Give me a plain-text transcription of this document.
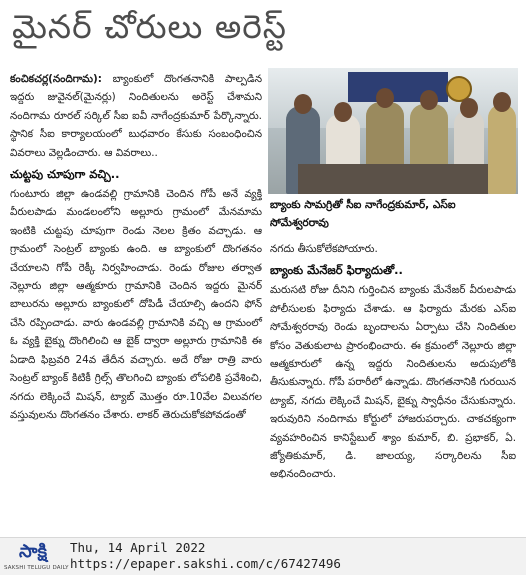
మైనర్ చోరులు అరెస్ట్

కంచికచర్ల(నందిగామ): బ్యాంకులో దొంగతనానికి పాల్పడిన ఇద్దరు జువైనల్(మైనర్లు) నిందితులను అరెస్ట్ చేశామని నందిగామ రూరల్ సర్కిల్ సీఐ ఐవీ నాగేంద్రకుమార్ పేర్కొన్నారు. స్థానిక సీఐ కార్యాలయంలో బుధవారం కేసుకు సంబంధించిన వివరాలు వెల్లడించారు. ఆ వివరాలు..

చుట్టపు చూపుగా వచ్చి..

గుంటూరు జిల్లా ఉండవల్లి గ్రామానికి చెందిన గోపీ అనే వ్యక్తి వీరులపాడు మండలంలోని అల్లూరు గ్రామంలో మేనమామ ఇంటికి చుట్టపు చూపుగా రెండు నెలల క్రితం వచ్చాడు. ఆ గ్రామంలో సెంట్రల్ బ్యాంకు ఉంది. ఆ బ్యాంకులో దొంగతనం చేయాలని గోపీ రెక్కీ నిర్వహించాడు. రెండు రోజుల తర్వాత నెల్లూరు జిల్లా ఆత్మకూరు గ్రామానికి చెందిన ఇద్దరు మైనర్ బాలురను అల్లూరు బ్యాంకులో దోపిడీ చేయాల్సి ఉందని ఫోన్ చేసి రప్పించాడు. వారు ఉండవల్లి గ్రామానికి వచ్చి ఆ గ్రామంలో ఓ వ్యక్తి బైక్ను దొంగిలించి ఆ బైక్ ద్వారా అల్లూరు గ్రామానికి ఈ ఏడాది ఫిబ్రవరి 24వ తేదీన వచ్చారు. అదే రోజు రాత్రి వారు సెంట్రల్ బ్యాంక్ కిటికీ గ్రిల్స్ తొలగించి బ్యాంకు లోపలికి ప్రవేశించి, నగదు లెక్కించే మిషన్, ట్యాబ్ మొత్తం రూ.10వేల విలువగల వస్తువులను దొంగతనం చేశారు. లాకర్ తెరుచుకోకపోవడంతో

బ్యాంకు సామగ్రితో సీఐ నాగేంద్రకుమార్, ఎస్ఐ సోమేశ్వరరావు

నగదు తీసుకోలేకపోయారు.

బ్యాంకు మేనేజర్ ఫిర్యాదుతో..

మరుసటి రోజు దీనిని గుర్తించిన బ్యాంకు మేనేజర్ వీరులపాడు పోలీసులకు ఫిర్యాదు చేశాడు. ఆ ఫిర్యాదు మేరకు ఎస్ఐ సోమేశ్వరరావు రెండు బృందాలను ఏర్పాటు చేసి నిందితుల కోసం వెతుకులాట ప్రారంభించారు. ఈ క్రమంలో నెల్లూరు జిల్లా ఆత్మకూరులో ఉన్న ఇద్దరు నిందితులను అదుపులోకి తీసుకున్నారు. గోపీ పరారీలో ఉన్నాడు. దొంగతనానికి గురయిన ట్యాబ్, నగదు లెక్కించే మిషన్, బైక్ను స్వాధీనం చేసుకున్నారు. ఇరువురిని నందిగామ కోర్టులో హాజరుపర్చారు. చాకచక్యంగా వ్యవహరించిన కానిస్టేబుల్ శ్యాం కుమార్, బి. ప్రభాకర్, ఏ. జ్యోతికుమార్, డి. జాలయ్య, సర్కారిలను సీఐ అభినందించారు.

సాక్షి
SAKSHI TELUGU DAILY
Thu, 14 April 2022
https://epaper.sakshi.com/c/67427496
